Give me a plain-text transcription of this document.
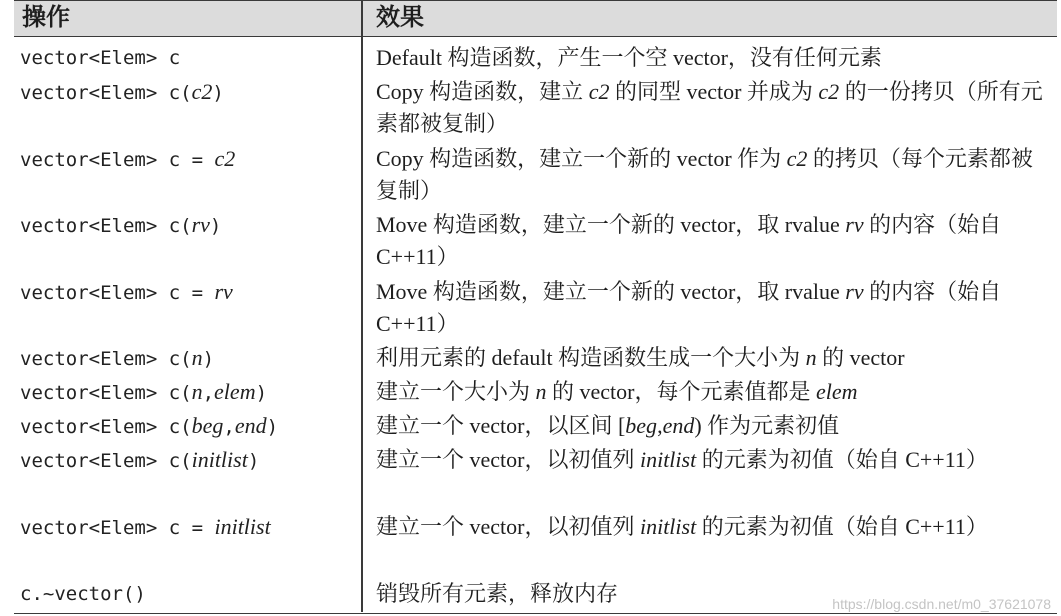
操作	效果
https://blog.csdn.net/m0_37621078
vector<Elem> c	Default 构造函数，产生一个空 vector，没有任何元素
vector<Elem> c(c2)	Copy 构造函数，建立 c2 的同型 vector 并成为 c2 的一份拷贝（所有元素都被复制）
vector<Elem> c = c2	Copy 构造函数，建立一个新的 vector 作为 c2 的拷贝（每个元素都被复制）
vector<Elem> c(rv)	Move 构造函数，建立一个新的 vector，取 rvalue rv 的内容（始自 C++11）
vector<Elem> c = rv	Move 构造函数，建立一个新的 vector，取 rvalue rv 的内容（始自 C++11）
vector<Elem> c(n)	利用元素的 default 构造函数生成一个大小为 n 的 vector
vector<Elem> c(n,elem)	建立一个大小为 n 的 vector，每个元素值都是 elem
vector<Elem> c(beg,end)	建立一个 vector，以区间 [beg,end) 作为元素初值
vector<Elem> c(initlist)	建立一个 vector，以初值列 initlist 的元素为初值（始自 C++11）
vector<Elem> c = initlist	建立一个 vector，以初值列 initlist 的元素为初值（始自 C++11）
c.~vector()	销毁所有元素，释放内存
